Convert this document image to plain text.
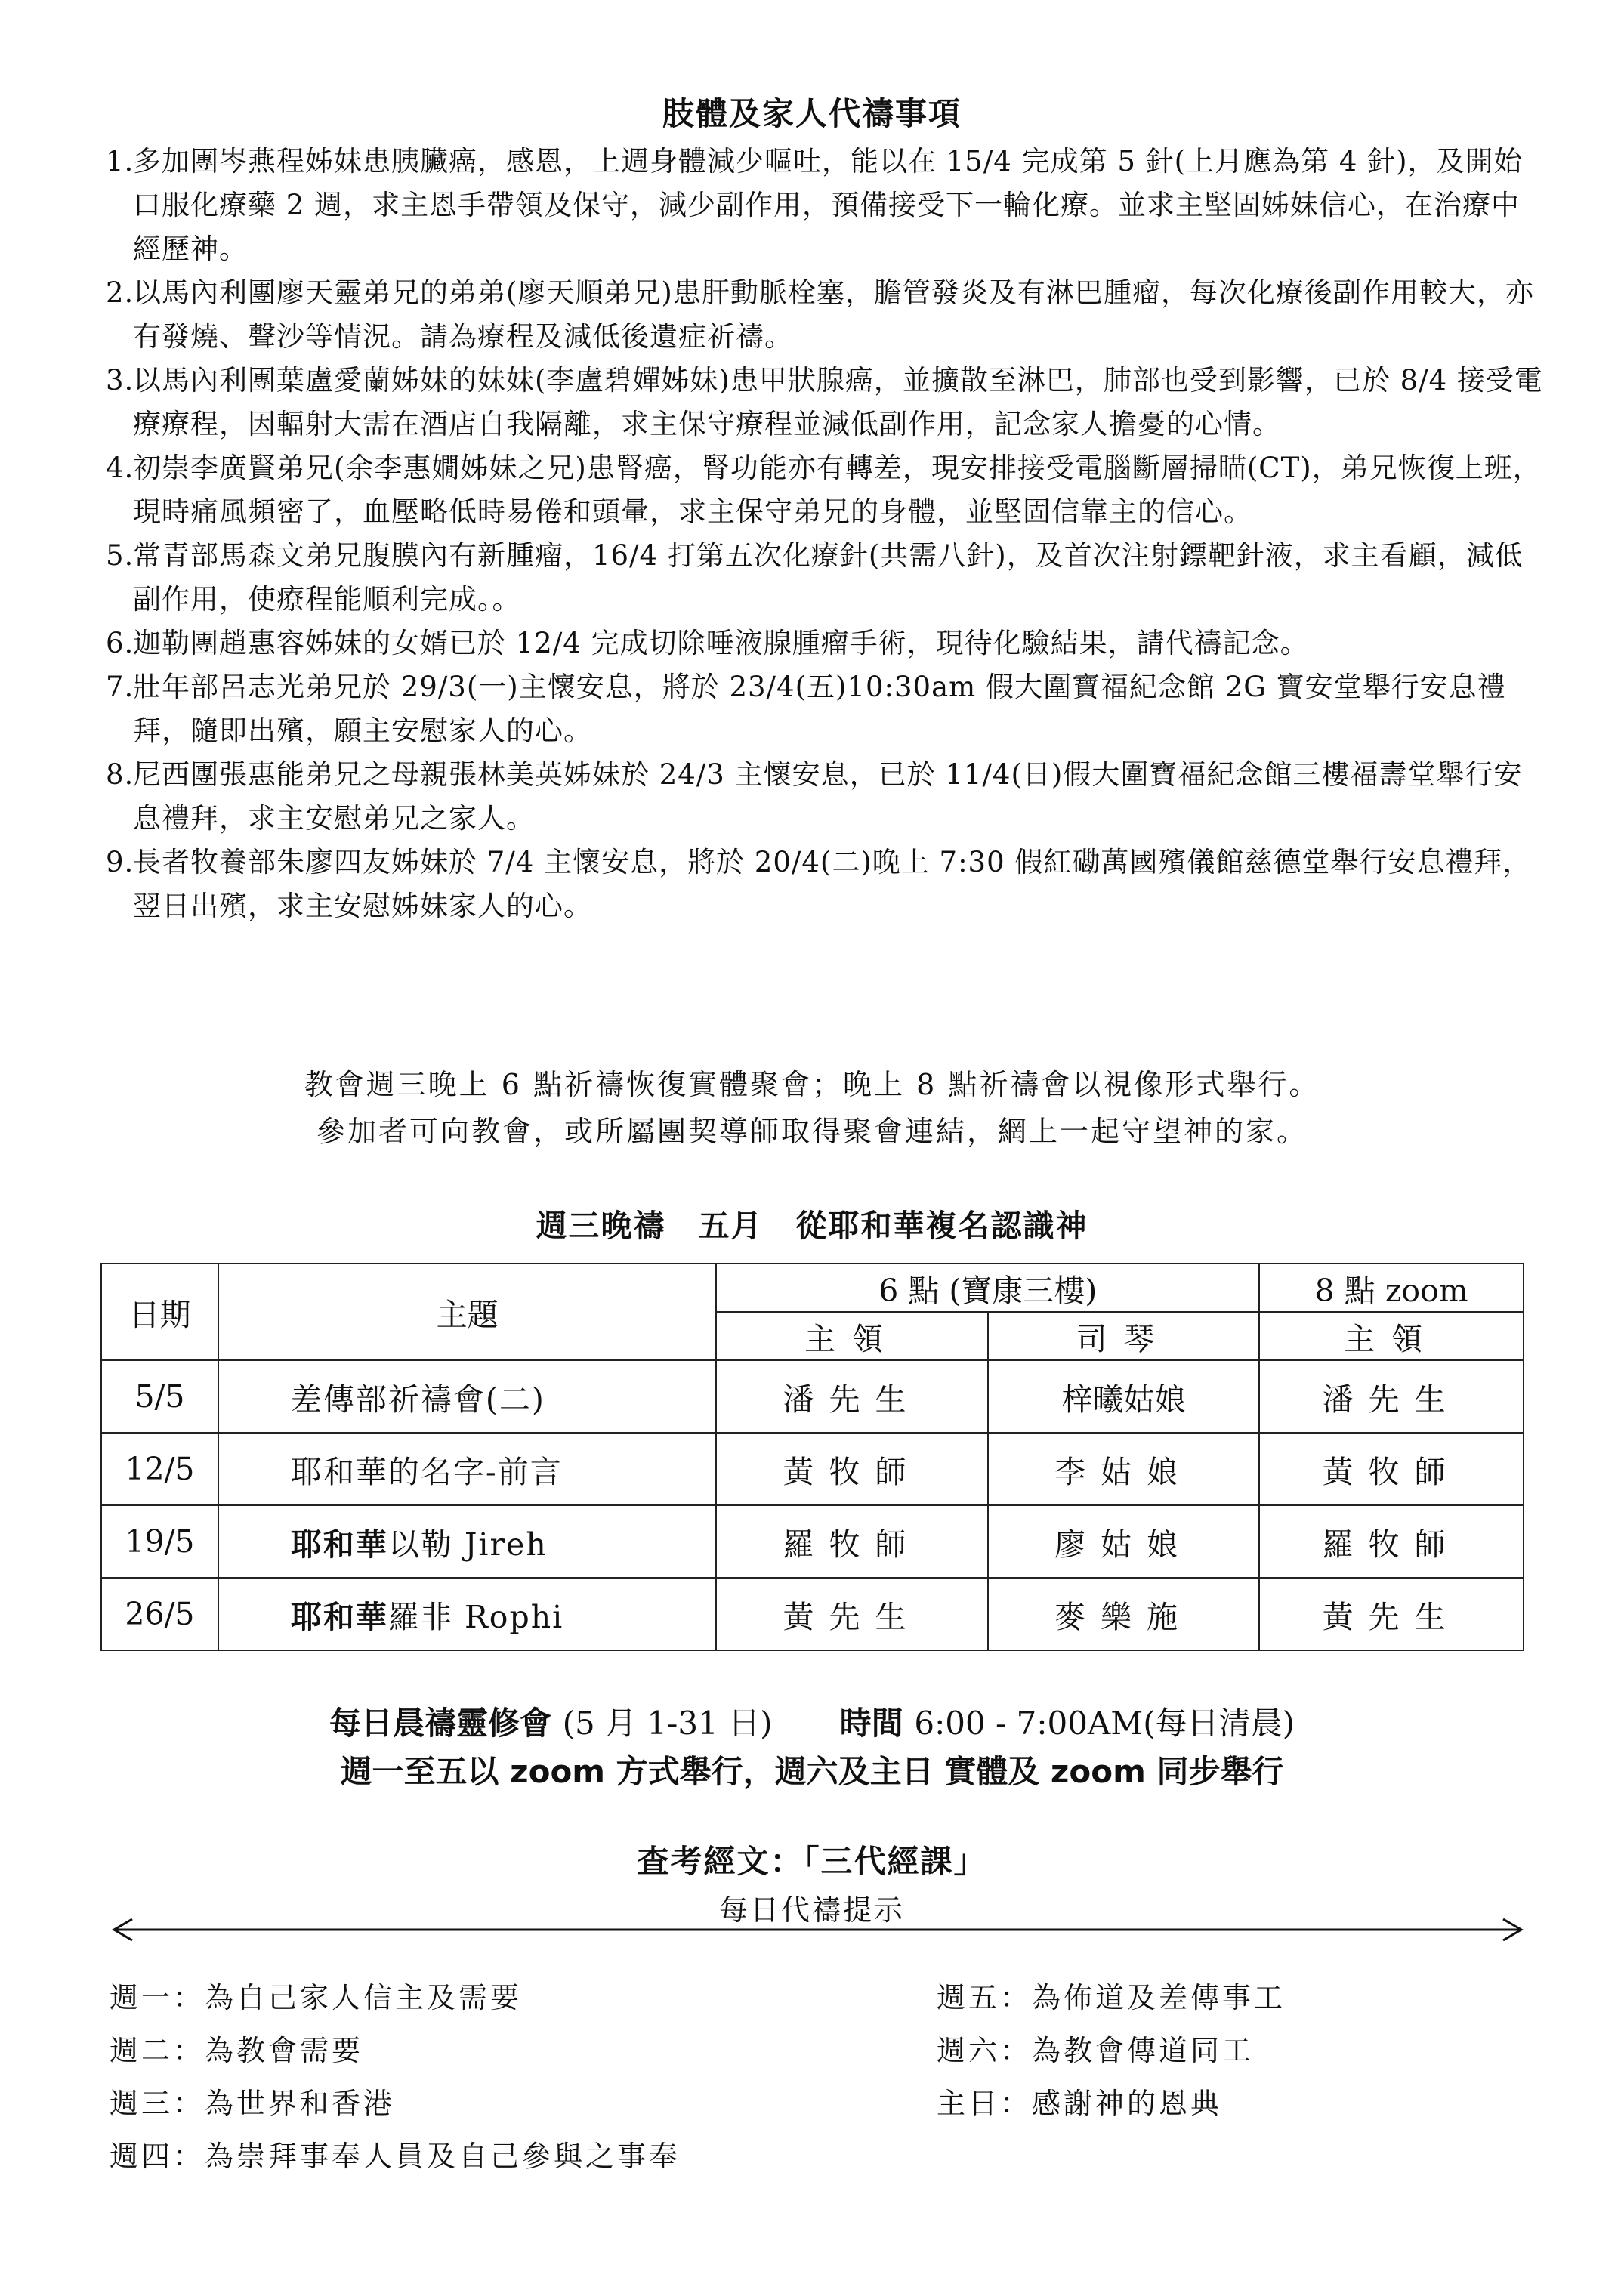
肢體及家人代禱事項
1.
多加團岑燕程姊妹患胰臟癌，感恩，上週身體減少嘔吐，能以在 15/4 完成第 5 針(上月應為第 4 針)，及開始口服化療藥 2 週，求主恩手帶領及保守，減少副作用，預備接受下一輪化療。並求主堅固姊妹信心，在治療中經歷神。
2.
以馬內利團廖天靈弟兄的弟弟(廖天順弟兄)患肝動脈栓塞，膽管發炎及有淋巴腫瘤，每次化療後副作用較大，亦有發燒、聲沙等情況。請為療程及減低後遺症祈禱。
3.
以馬內利團葉盧愛蘭姊妹的妹妹(李盧碧嬋姊妹)患甲狀腺癌，並擴散至淋巴，肺部也受到影響，已於 8/4 接受電療療程，因輻射大需在酒店自我隔離，求主保守療程並減低副作用，記念家人擔憂的心情。
4.
初崇李廣賢弟兄(余李惠嫺姊妹之兄)患腎癌，腎功能亦有轉差，現安排接受電腦斷層掃瞄(CT)，弟兄恢復上班，現時痛風頻密了，血壓略低時易倦和頭暈，求主保守弟兄的身體，並堅固信靠主的信心。
5.
常青部馬森文弟兄腹膜內有新腫瘤，16/4 打第五次化療針(共需八針)，及首次注射鏢靶針液，求主看顧，減低副作用，使療程能順利完成。。
6.
迦勒團趙惠容姊妹的女婿已於 12/4 完成切除唾液腺腫瘤手術，現待化驗結果，請代禱記念。
7.
壯年部呂志光弟兄於 29/3(一)主懷安息，將於 23/4(五)10:30am 假大圍寶福紀念館 2G 寶安堂舉行安息禮拜，隨即出殯，願主安慰家人的心。
8.
尼西團張惠能弟兄之母親張林美英姊妹於 24/3 主懷安息，已於 11/4(日)假大圍寶福紀念館三樓福壽堂舉行安息禮拜，求主安慰弟兄之家人。
9.
長者牧養部朱廖四友姊妹於 7/4 主懷安息，將於 20/4(二)晚上 7:30 假紅磡萬國殯儀館慈德堂舉行安息禮拜，翌日出殯，求主安慰姊妹家人的心。
教會週三晚上 6 點祈禱恢復實體聚會；晚上 8 點祈禱會以視像形式舉行。
參加者可向教會，或所屬團契導師取得聚會連結，網上一起守望神的家。
週三晚禱　五月　從耶和華複名認識神
日期	主題	6 點 (寶康三樓)		8 點 zoom
		主領	司琴	主領
5/5	差傳部祈禱會(二)	潘先生	梓曦姑娘	潘先生
12/5	耶和華的名字-前言	黃牧師	李姑娘	黃牧師
19/5	耶和華以勒 Jireh	羅牧師	廖姑娘	羅牧師
26/5	耶和華羅非 Rophi	黃先生	麥樂施	黃先生
每日晨禱靈修會 (5 月 1-31 日) 時間 6:00 - 7:00AM(每日清晨)
週一至五以 zoom 方式舉行，週六及主日 實體及 zoom 同步舉行
查考經文：「三代經課」
每日代禱提示
週一：為自己家人信主及需要
週二：為教會需要
週三：為世界和香港
週四：為崇拜事奉人員及自己參與之事奉
週五：為佈道及差傳事工
週六：為教會傳道同工
主日：感謝神的恩典
